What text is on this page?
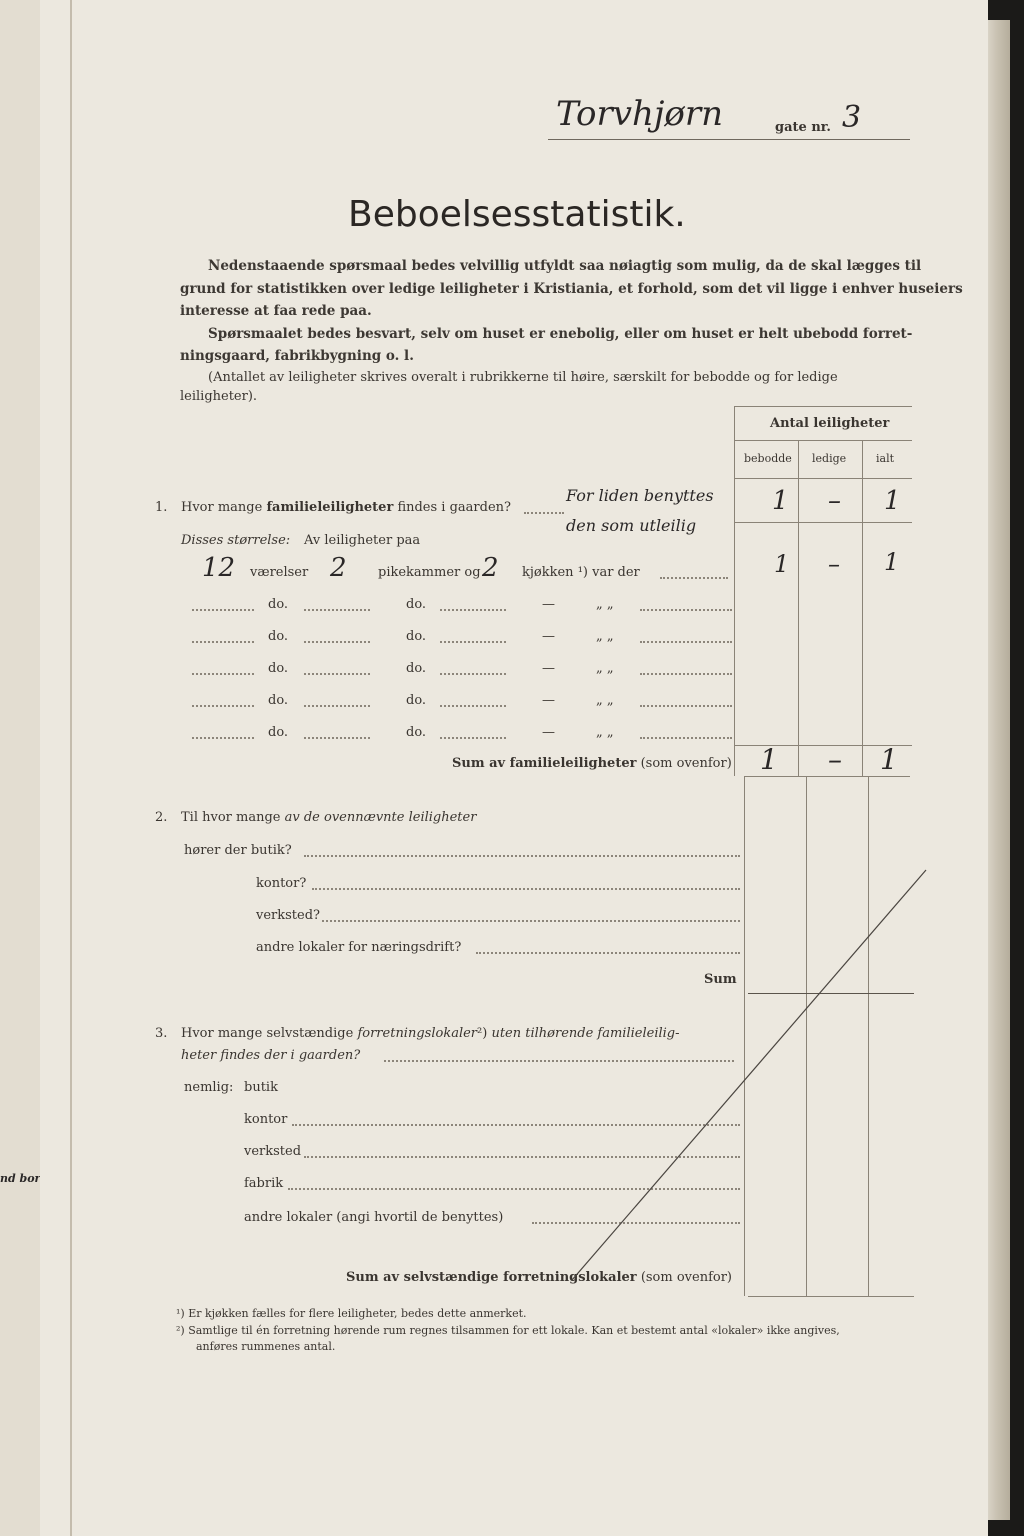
nd bor
Torvhjørn	gate nr. 3
Beboelsesstatistik.
Nedenstaaende spørsmaal bedes velvillig utfyldt saa nøiagtig som mulig, da de skal lægges til
grund for statistikken over ledige leiligheter i Kristiania, et forhold, som det vil ligge i enhver huseiers
interesse at faa rede paa.
Spørsmaalet bedes besvart, selv om huset er enebolig, eller om huset er helt ubebodd forret-
ningsgaard, fabrikbygning o. l.
(Antallet av leiligheter skrives overalt i rubrikkerne til høire, særskilt for bebodde og for ledige
leiligheter).
Antal leiligheter
bebodde ledige	ialt
1. Hvor mange familieleiligheter findes i gaarden?
For liden benyttes
den som utleilig
1 – 1
Disses størrelse: Av leiligheter paa
12 værelser 2 pikekammer og 2 kjøkken ¹) var der	1 – 1
do.	do.	—	„ „
do.	do.	—	„ „
do.	do.	—	„ „
do.	do.	—	„ „
do.	do.	—	„ „
Sum av familieleiligheter (som ovenfor) 1 – 1
2. Til hvor mange av de ovennævnte leiligheter
hører der butik?
kontor?
verksted?
andre lokaler for næringsdrift?
Sum
3. Hvor mange selvstændige forretningslokaler²) uten tilhørende familieleilig-
heter findes der i gaarden?
nemlig: butik
kontor
verksted
fabrik
andre lokaler (angi hvortil de benyttes)
Sum av selvstændige forretningslokaler (som ovenfor)
¹) Er kjøkken fælles for flere leiligheter, bedes dette anmerket.
²) Samtlige til én forretning hørende rum regnes tilsammen for ett lokale. Kan et bestemt antal «lokaler» ikke angives,
anføres rummenes antal.
